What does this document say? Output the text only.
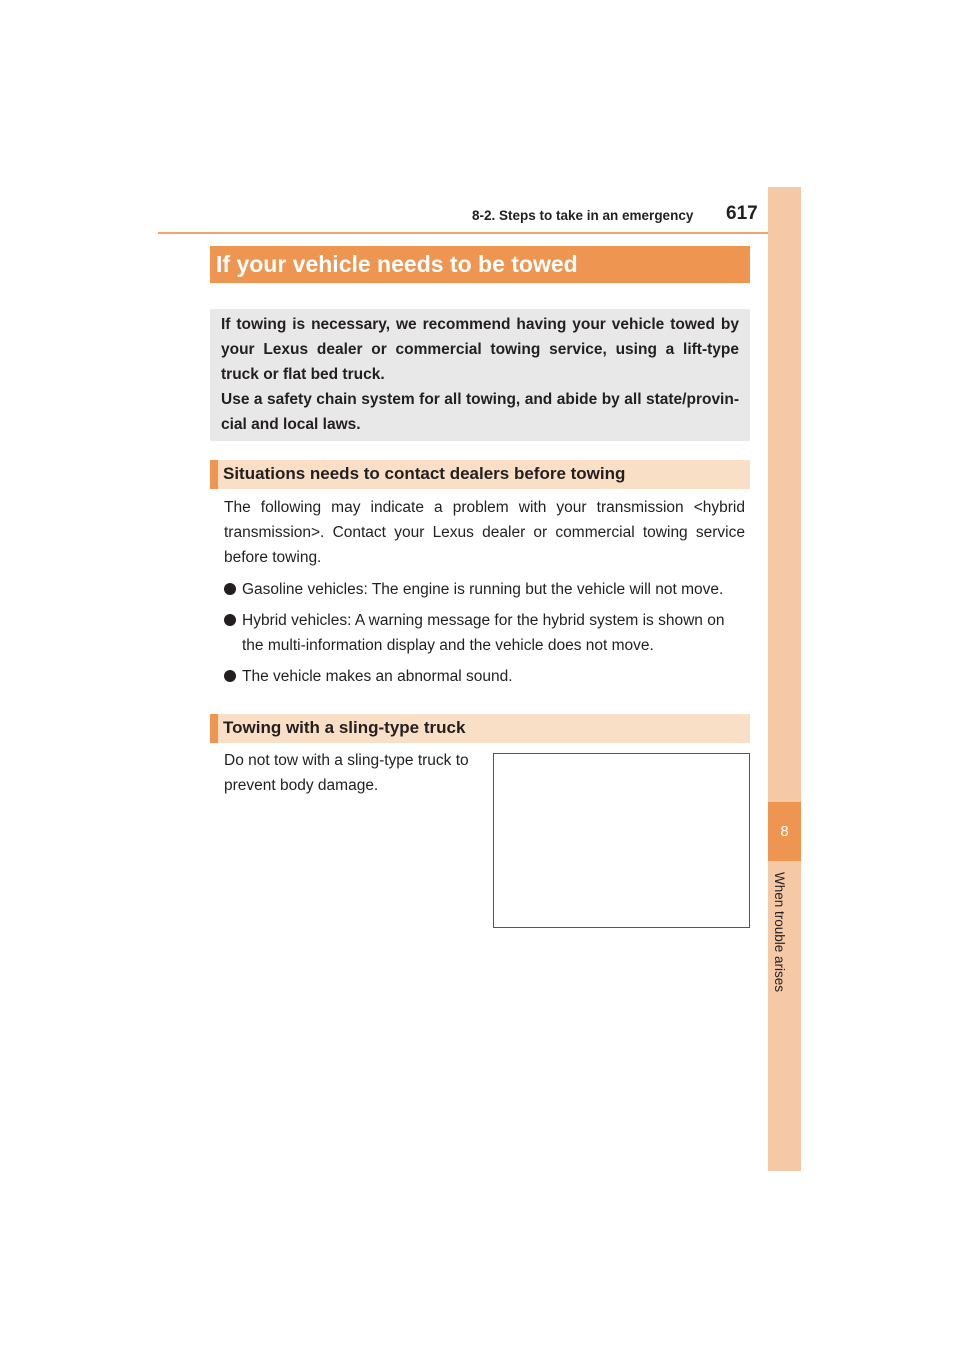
8-2. Steps to take in an emergency 617
8
When trouble arises
If your vehicle needs to be towed

If towing is necessary, we recommend having your vehicle towed by your Lexus dealer or commercial towing service, using a lift-type truck or flat bed truck.

Use a safety chain system for all towing, and abide by all state/provin-cial and local laws.

Situations needs to contact dealers before towing

The following may indicate a problem with your transmission <hybrid transmission>. Contact your Lexus dealer or commercial towing service before towing.

Gasoline vehicles: The engine is running but the vehicle will not move.
Hybrid vehicles: A warning message for the hybrid system is shown on the multi-information display and the vehicle does not move.
The vehicle makes an abnormal sound.
Towing with a sling-type truck

Do not tow with a sling-type truck to prevent body damage.
